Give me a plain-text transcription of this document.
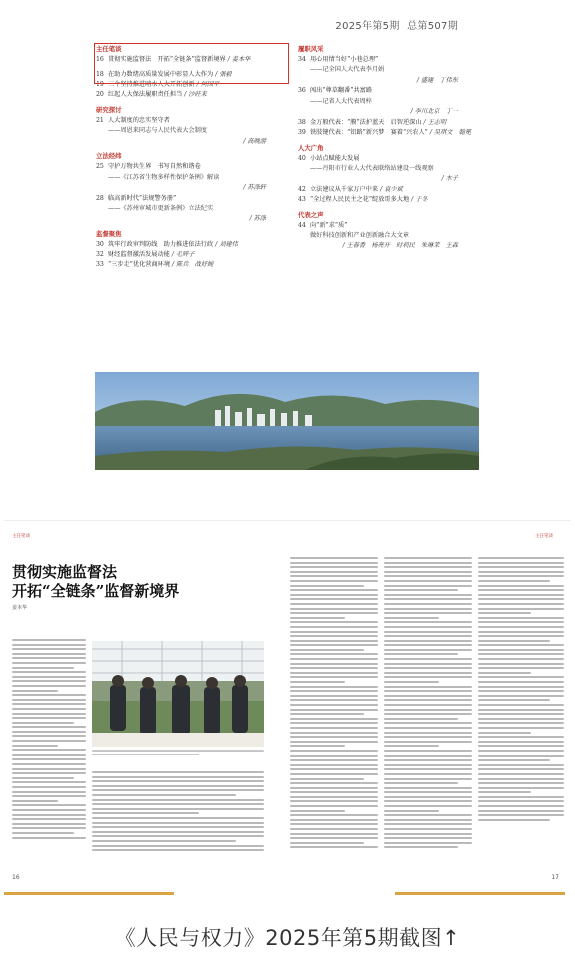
2025年第5期 总第507期
主任笔谈
16 贯彻实施监督法　开拓“全链条”监督新境界 / 姜本华
18 在助力数绪高质量发展中彰显人大作为 / 張毅
19 三个坚持推进哨水人大开拓创新 / 何国平
20 红起人大保法履职责任担当 / 沙旺来
研究探讨
21 人大制度的忠实坚守者
——周恩来同志与人民代表大会制度
/ 高晚游
立法经纬
25 守护万物共生界　书写自然和谐卷
——《江苏省生物多样性保护条例》解读
/ 苏涤轩
28 临高新时代“法规警务册”
——《苏州审城市更新条例》立法纪实
/ 苏涤
监督聚焦
30 筑牢行政审判防线　助力推进依法行政 / 刘建伟
32 财经监督激活发展动能 / 毛辉子
33 “三步走”优化营商环境 / 陈兵　战妤婉
履职风采
34 用心用情当好“小巷总理”
——记全国人大代表李月娟
/ 盛建　丁伟东
36 闯出“尊草翻番”共富路
——记省人大代表周梓
/ 李川北京　丁一
38 金万般代表：“膜”法护蓝天　启智逆深山 / 王志明
39 铁肢键代表：“铝路”新兴梦　赛着“兴农人” / 吴琪文　翰冕
人大广角
40 小站点赋能大发展
——丹阳市行业人大代表联络站建设一线观察
/ 木子
42 立法建议从千家万户中来 / 袁少斌
43 “全过程人民民主之花”绽放哥多大地 / 于冬
代表之声
44 向“新”求“质”
做好科技创新和产业创新融合大文章
/ 王春香　杨亮开　时利民　朱琳茉　王森
主任笔谈	主任笔谈
贯彻实施监督法
开拓“全链条”监督新境界
姜本华
16	17
《人民与权力》2025年第5期截图↑
